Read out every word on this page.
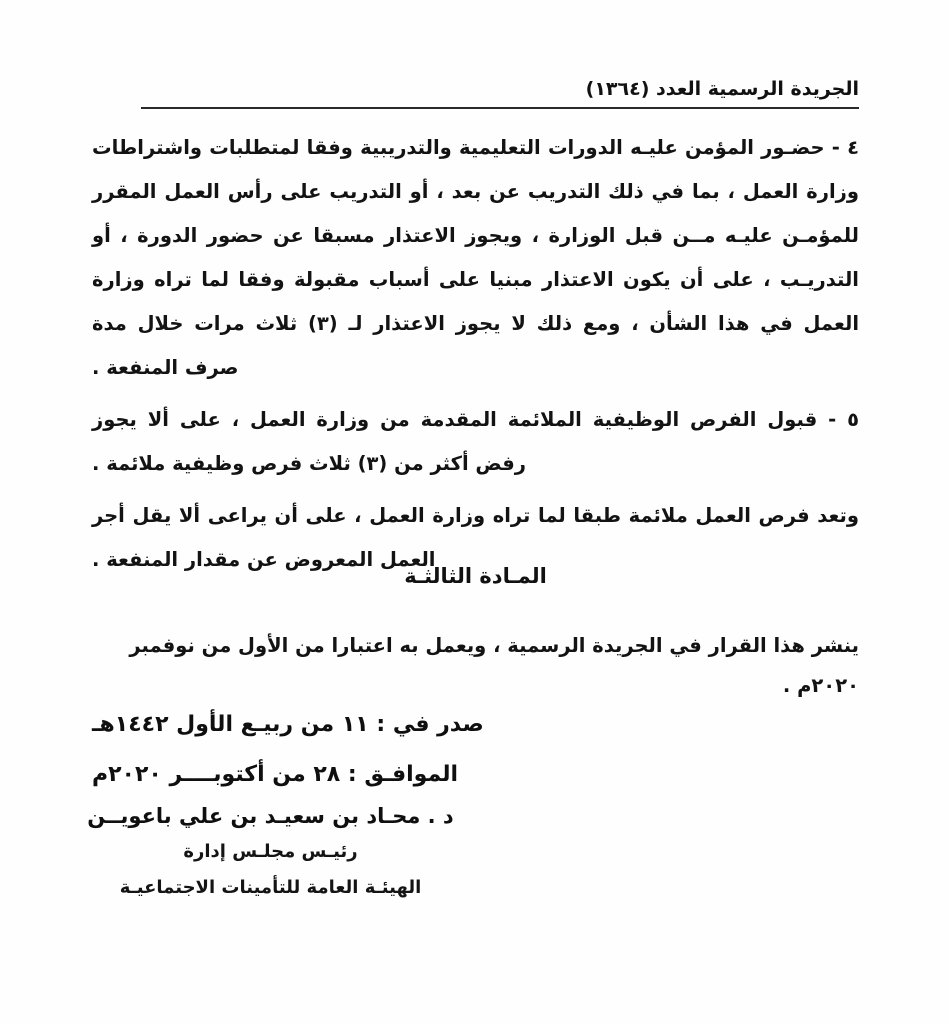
الجريدة الرسمية العدد (١٣٦٤)

٤ - حضـور المؤمن عليـه الدورات التعليمية والتدريبية وفقا لمتطلبات واشتراطات وزارة العمل ، بما في ذلك التدريب عن بعد ، أو التدريب على رأس العمل المقرر للمؤمـن عليـه مــن قبل الوزارة ، ويجوز الاعتذار مسبقا عن حضور الدورة ، أو التدريـب ، على أن يكون الاعتذار مبنيا على أسباب مقبولة وفقا لما تراه وزارة العمل في هذا الشأن ، ومع ذلك لا يجوز الاعتذار لـ (٣) ثلاث مرات خلال مدة صرف المنفعة .

٥ - قبول الفرص الوظيفية الملائمة المقدمة من وزارة العمل ، على ألا يجوز رفض أكثر من (٣) ثلاث فرص وظيفية ملائمة .

وتعد فرص العمل ملائمة طبقا لما تراه وزارة العمل ، على أن يراعى ألا يقل أجر العمل المعروض عن مقدار المنفعة .

المـادة الثالثـة
ينشر هذا القرار في الجريدة الرسمية ، ويعمل به اعتبارا من الأول من نوفمبر ٢٠٢٠م .
صدر في : ١١ من ربيـع الأول ١٤٤٢هـ
الموافـق : ٢٨ من أكتوبــــر ٢٠٢٠م
د . محـاد بن سعيـد بن علي باعويــن
رئيـس مجلـس إدارة
الهيئـة العامة للتأمينات الاجتماعيـة
